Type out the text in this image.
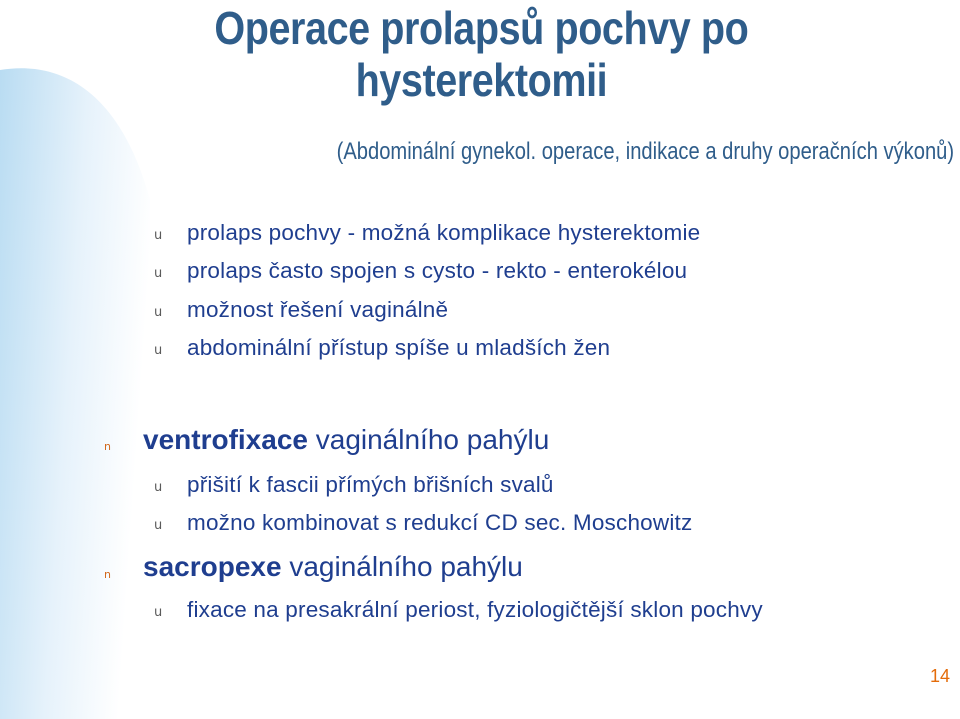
Operace prolapsů pochvy po
hysterektomii
(Abdominální gynekol. operace, indikace a druhy operačních výkonů)
u prolaps pochvy - možná komplikace hysterektomie
u prolaps často spojen s cysto - rekto - enterokélou
u možnost řešení vaginálně
u abdominální přístup spíše u mladších žen
n ventrofixace vaginálního pahýlu
u přišití k fascii přímých břišních svalů
u možno kombinovat s redukcí CD sec. Moschowitz
n sacropexe vaginálního pahýlu
u fixace na presakrální periost, fyziologičtější sklon pochvy
14
